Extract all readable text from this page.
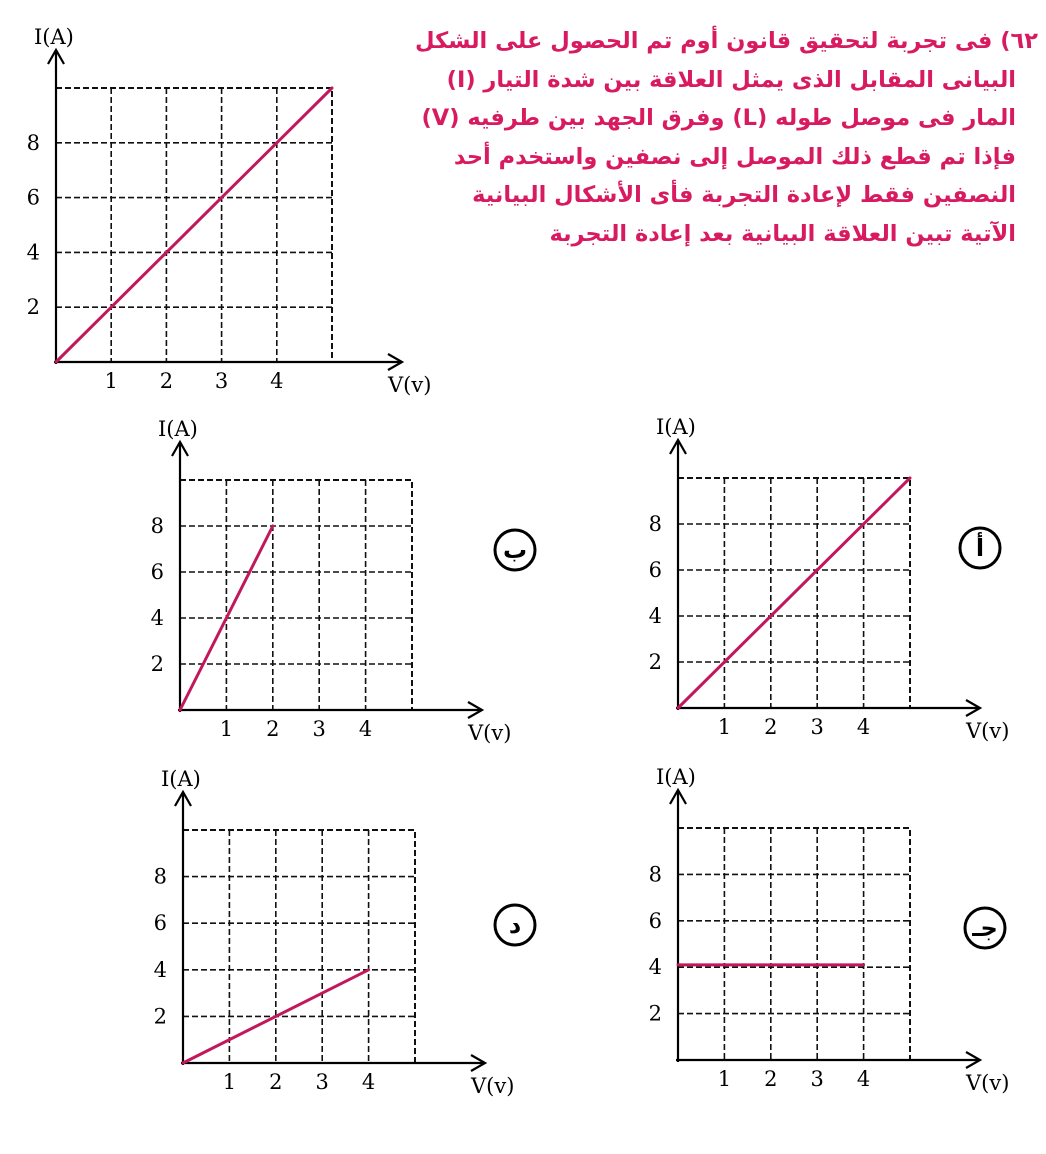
٦٢) فى تجربة لتحقيق قانون أوم تم الحصول على الشكل
البيانى المقابل الذى يمثل العلاقة بين شدة التيار (I)
المار فى موصل طوله (L) وفرق الجهد بين طرفيه (V)
فإذا تم قطع ذلك الموصل إلى نصفين واستخدم أحد
النصفين فقط لإعادة التجربة فأى الأشكال البيانية
الآتية تبين العلاقة البيانية بعد إعادة التجربة
1 2 3 4
2
4
6
8
V(v)
I(A)
1 2 3 4
2
4
6
8
V(v)
I(A)
أ
1 2 3 4
2
4
6
8
V(v)
I(A)
ب
1 2 3 4
2
4
6
8
V(v)
I(A)
جـ
1 2 3 4
2
4
6
8
V(v)
I(A)
د
